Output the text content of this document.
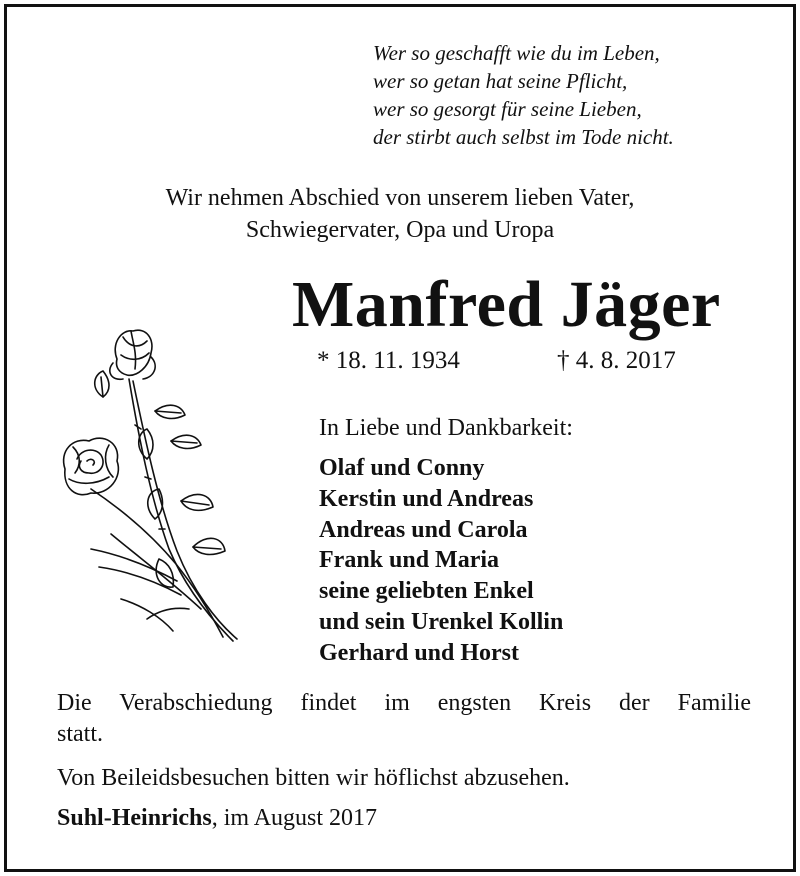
Wer so geschafft wie du im Leben,
wer so getan hat seine Pflicht,
wer so gesorgt für seine Lieben,
der stirbt auch selbst im Tode nicht.
Wir nehmen Abschied von unserem lieben Vater,
Schwiegervater, Opa und Uropa
Manfred Jäger
* 18. 11. 1934	† 4. 8. 2017
In Liebe und Dankbarkeit:
Olaf und Conny
Kerstin und Andreas
Andreas und Carola
Frank und Maria
seine geliebten Enkel
und sein Urenkel Kollin
Gerhard und Horst
Die Verabschiedung findet im engsten Kreis der Familie
statt.
Von Beileidsbesuchen bitten wir höflichst abzusehen.
Suhl-Heinrichs, im August 2017
